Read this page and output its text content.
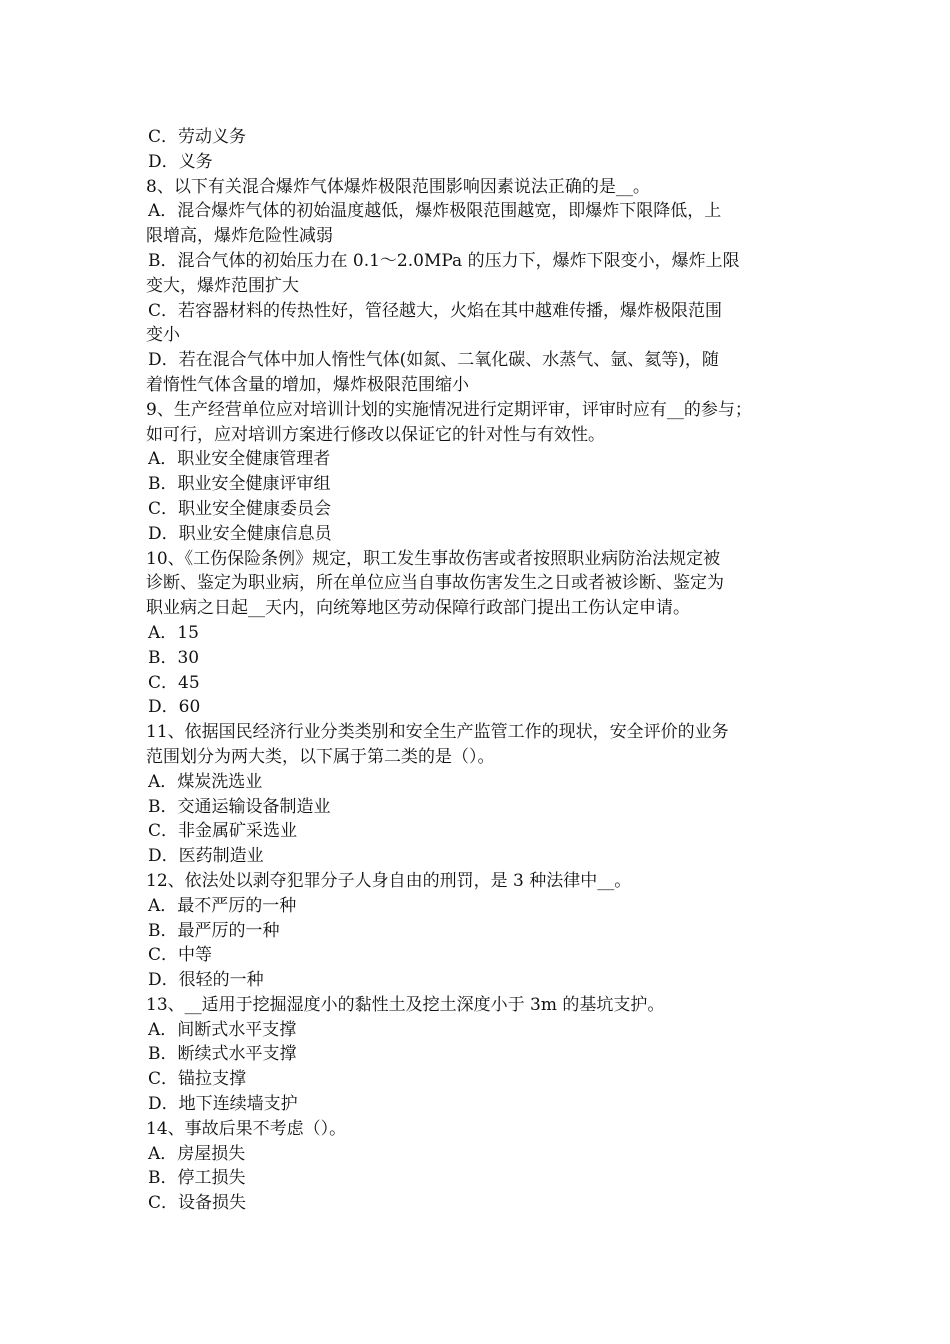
C．劳动义务
D．义务
8、以下有关混合爆炸气体爆炸极限范围影响因素说法正确的是__。
A．混合爆炸气体的初始温度越低，爆炸极限范围越宽，即爆炸下限降低，上
限增高，爆炸危险性减弱
B．混合气体的初始压力在 0.1～2.0MPa 的压力下，爆炸下限变小，爆炸上限
变大，爆炸范围扩大
C．若容器材料的传热性好，管径越大，火焰在其中越难传播，爆炸极限范围
变小
D．若在混合气体中加人惰性气体(如氮、二氧化碳、水蒸气、氩、氦等)，随
着惰性气体含量的增加，爆炸极限范围缩小
9、生产经营单位应对培训计划的实施情况进行定期评审，评审时应有__的参与；
如可行，应对培训方案进行修改以保证它的针对性与有效性。
A．职业安全健康管理者
B．职业安全健康评审组
C．职业安全健康委员会
D．职业安全健康信息员
10、《工伤保险条例》规定，职工发生事故伤害或者按照职业病防治法规定被
诊断、鉴定为职业病，所在单位应当自事故伤害发生之日或者被诊断、鉴定为
职业病之日起__天内，向统筹地区劳动保障行政部门提出工伤认定申请。
A．15
B．30
C．45
D．60
11、依据国民经济行业分类类别和安全生产监管工作的现状，安全评价的业务
范围划分为两大类，以下属于第二类的是（）。
A．煤炭洗选业
B．交通运输设备制造业
C．非金属矿采选业
D．医药制造业
12、依法处以剥夺犯罪分子人身自由的刑罚，是 3 种法律中__。
A．最不严厉的一种
B．最严厉的一种
C．中等
D．很轻的一种
13、__适用于挖掘湿度小的黏性土及挖土深度小于 3m 的基坑支护。
A．间断式水平支撑
B．断续式水平支撑
C．锚拉支撑
D．地下连续墙支护
14、事故后果不考虑（）。
A．房屋损失
B．停工损失
C．设备损失
